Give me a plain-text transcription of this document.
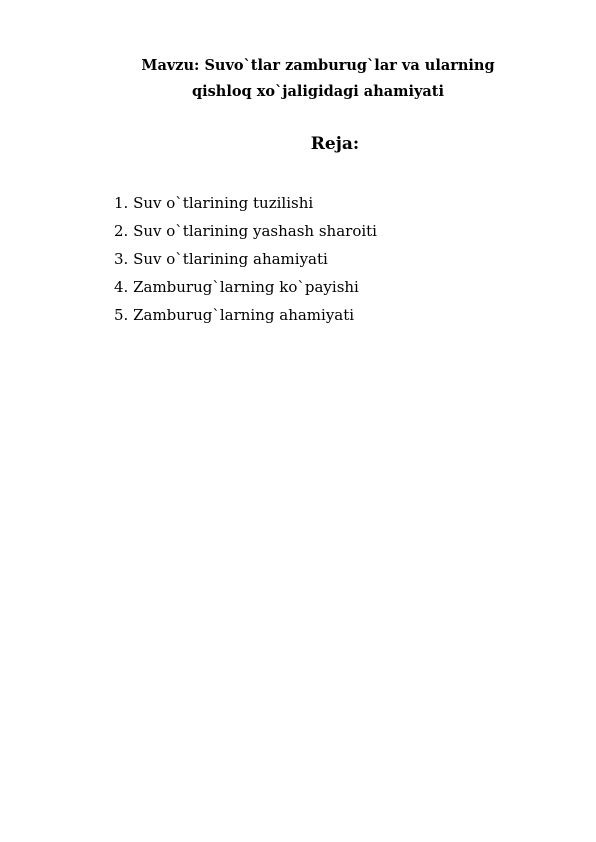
Mavzu: Suvo`tlar zamburug`lar va ularning
qishloq xo`jaligidagi ahamiyati
Reja:
1. Suv o`tlarining tuzilishi
2. Suv o`tlarining yashash sharoiti
3. Suv o`tlarining ahamiyati
4. Zamburug`larning ko`payishi
5. Zamburug`larning ahamiyati
